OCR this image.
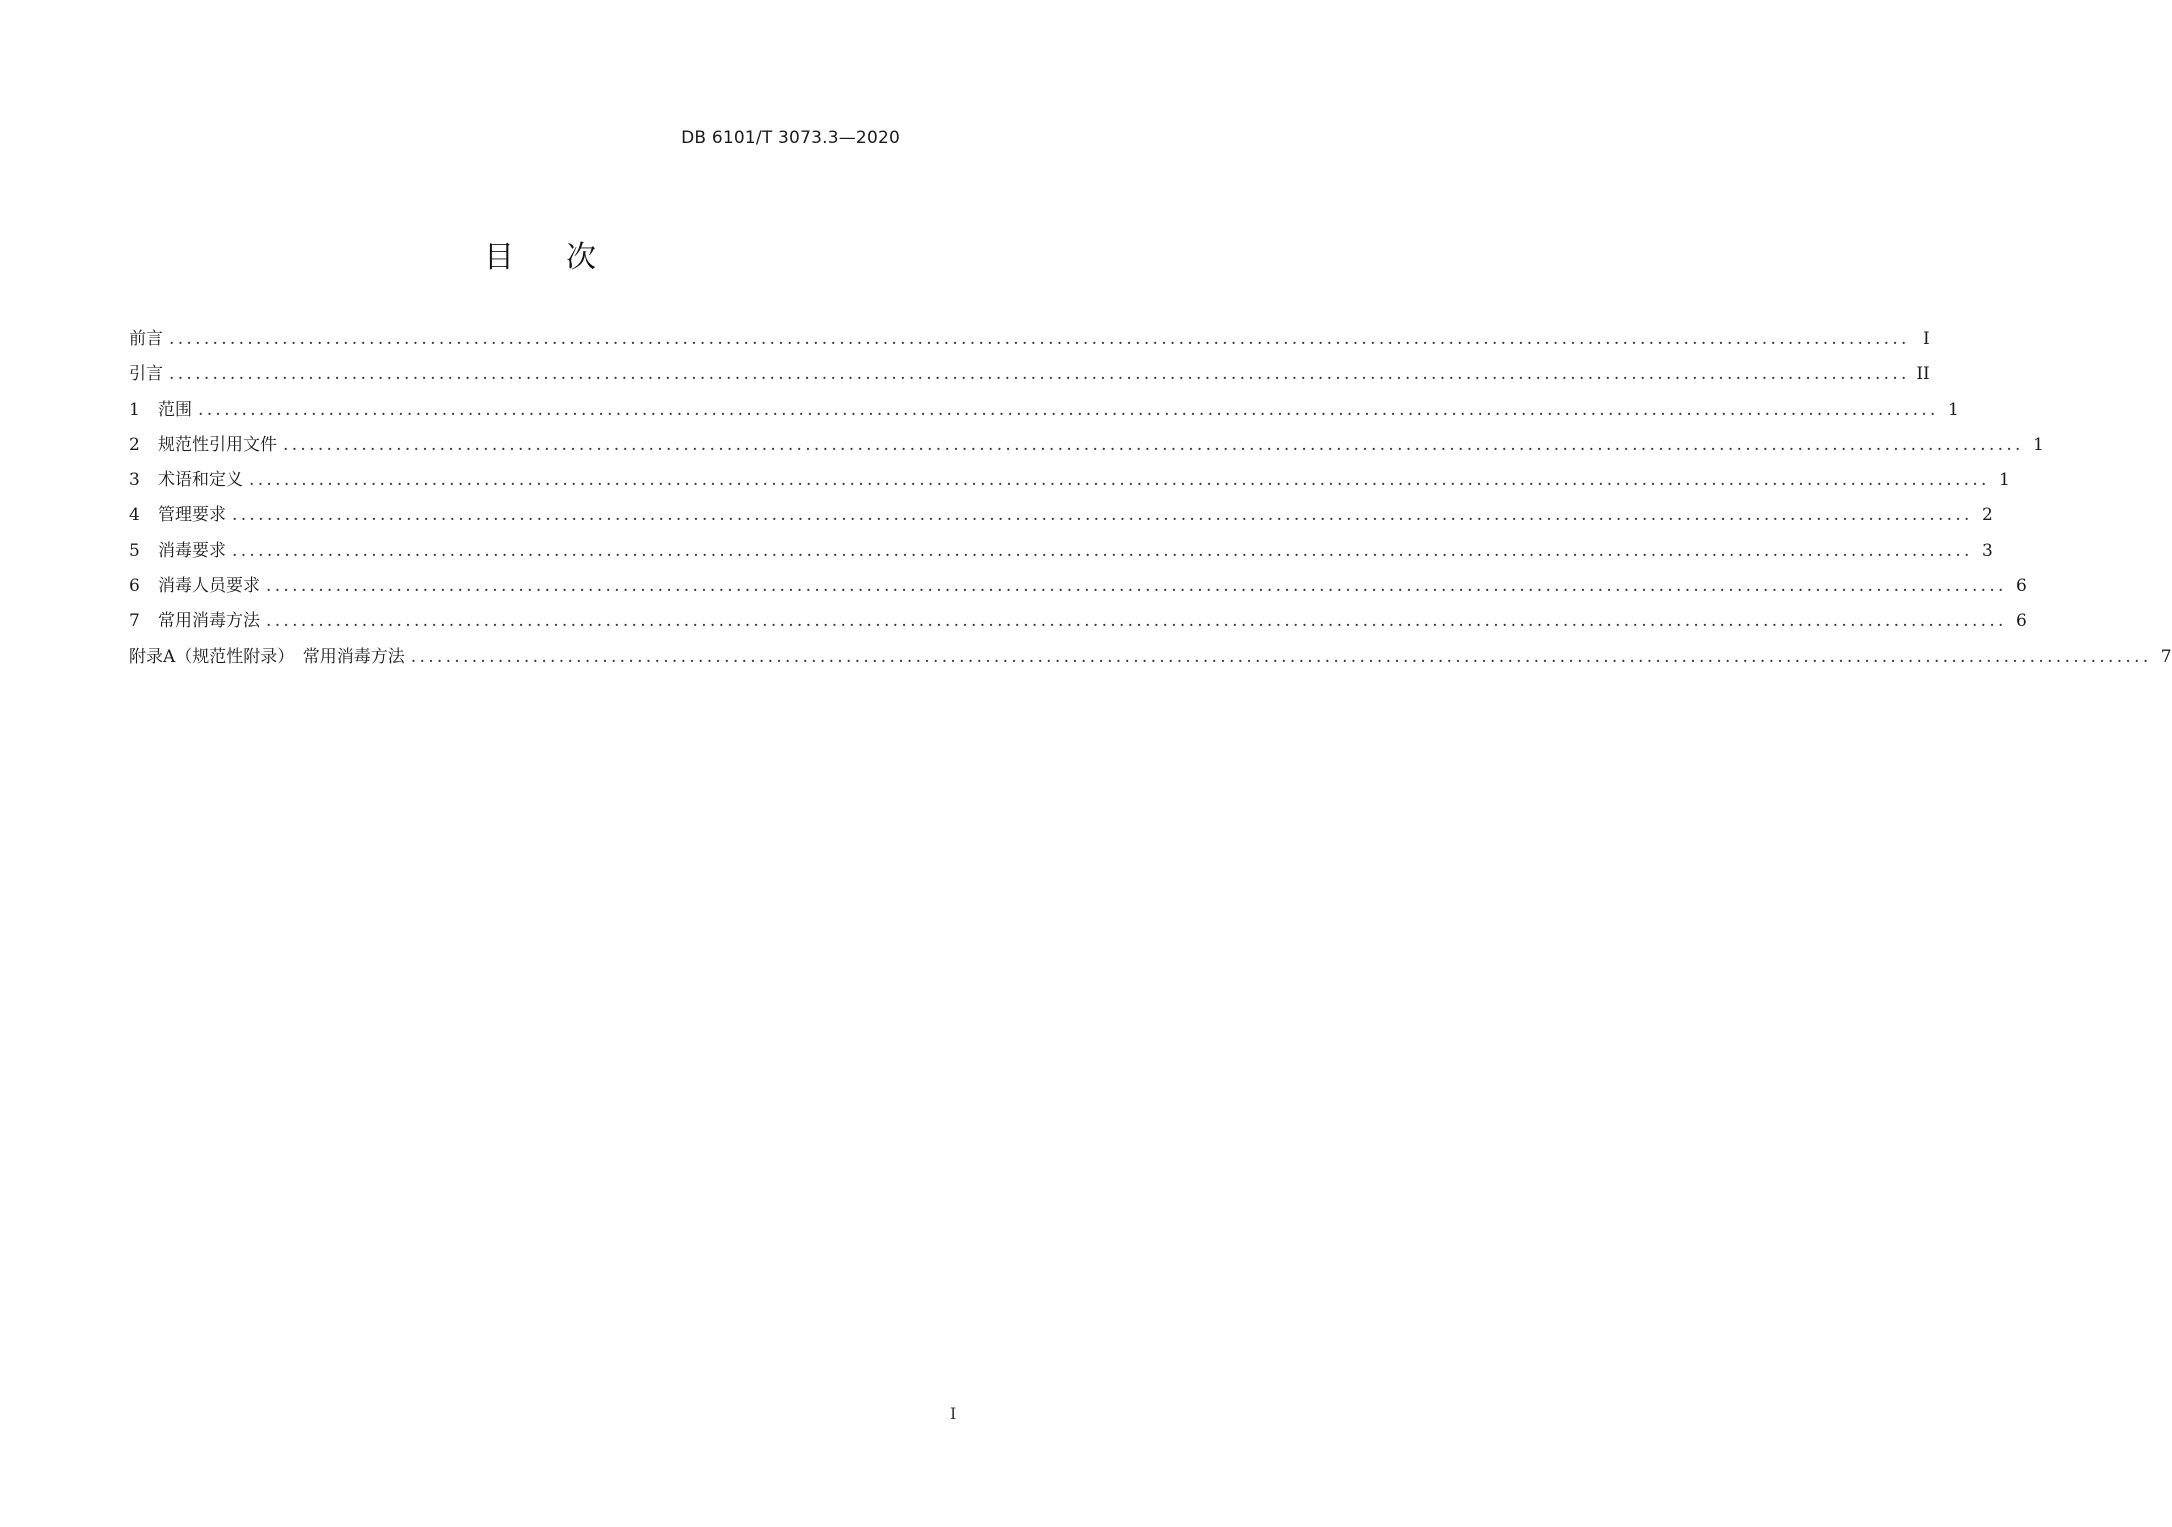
DB 6101/T 3073.3—2020
目次
前言 ........................................................................................................................................................................................................ I
引言 ........................................................................................................................................................................................................ II
1	范围 ........................................................................................................................................................................................................ 1
2	规范性引用文件 ........................................................................................................................................................................................................ 1
3	术语和定义 ........................................................................................................................................................................................................ 1
4	管理要求 ........................................................................................................................................................................................................ 2
5	消毒要求 ........................................................................................................................................................................................................ 3
6	消毒人员要求 ........................................................................................................................................................................................................ 6
7	常用消毒方法 ........................................................................................................................................................................................................ 6
附录A（规范性附录）　常用消毒方法 ........................................................................................................................................................................................................ 7
I
